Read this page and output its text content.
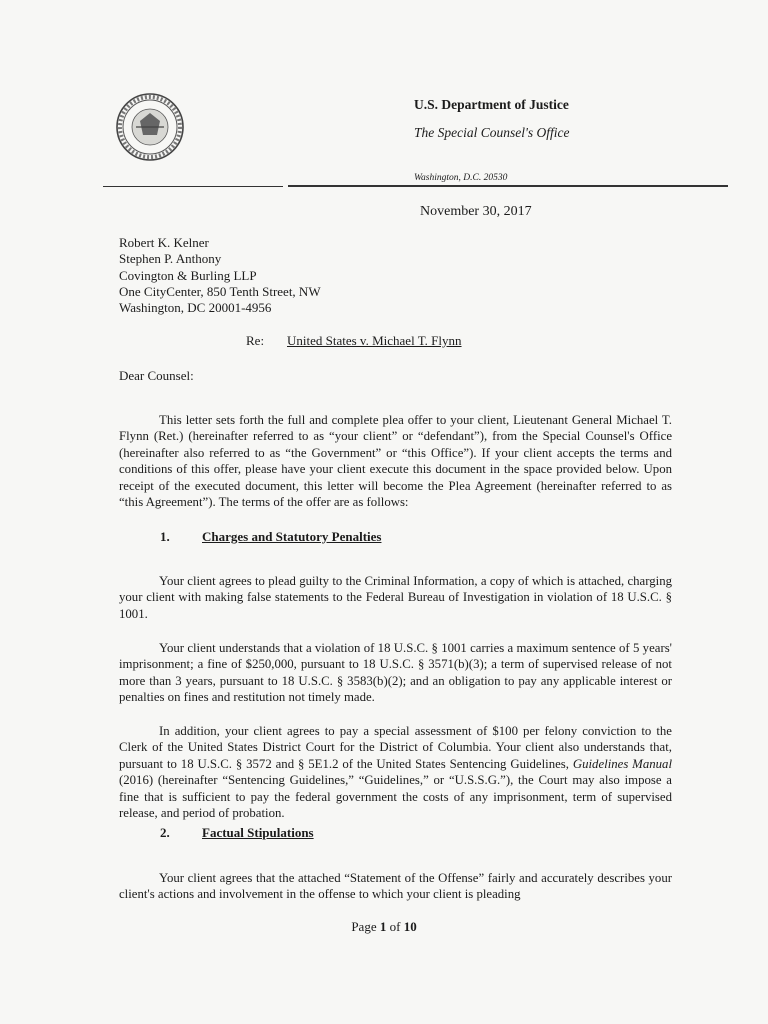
U.S. Department of Justice
The Special Counsel's Office
Washington, D.C. 20530
November 30, 2017
Robert K. Kelner
Stephen P. Anthony
Covington & Burling LLP
One CityCenter, 850 Tenth Street, NW
Washington, DC 20001-4956
Re: United States v. Michael T. Flynn
Dear Counsel:

This letter sets forth the full and complete plea offer to your client, Lieutenant General Michael T. Flynn (Ret.) (hereinafter referred to as “your client” or “defendant”), from the Special Counsel's Office (hereinafter also referred to as “the Government” or “this Office”). If your client accepts the terms and conditions of this offer, please have your client execute this document in the space provided below. Upon receipt of the executed document, this letter will become the Plea Agreement (hereinafter referred to as “this Agreement”). The terms of the offer are as follows:

1. Charges and Statutory Penalties

Your client agrees to plead guilty to the Criminal Information, a copy of which is attached, charging your client with making false statements to the Federal Bureau of Investigation in violation of 18 U.S.C. § 1001.

Your client understands that a violation of 18 U.S.C. § 1001 carries a maximum sentence of 5 years' imprisonment; a fine of $250,000, pursuant to 18 U.S.C. § 3571(b)(3); a term of supervised release of not more than 3 years, pursuant to 18 U.S.C. § 3583(b)(2); and an obligation to pay any applicable interest or penalties on fines and restitution not timely made.

In addition, your client agrees to pay a special assessment of $100 per felony conviction to the Clerk of the United States District Court for the District of Columbia. Your client also understands that, pursuant to 18 U.S.C. § 3572 and § 5E1.2 of the United States Sentencing Guidelines, Guidelines Manual (2016) (hereinafter “Sentencing Guidelines,” “Guidelines,” or “U.S.S.G.”), the Court may also impose a fine that is sufficient to pay the federal government the costs of any imprisonment, term of supervised release, and period of probation.

2. Factual Stipulations

Your client agrees that the attached “Statement of the Offense” fairly and accurately describes your client's actions and involvement in the offense to which your client is pleading

Page 1 of 10
